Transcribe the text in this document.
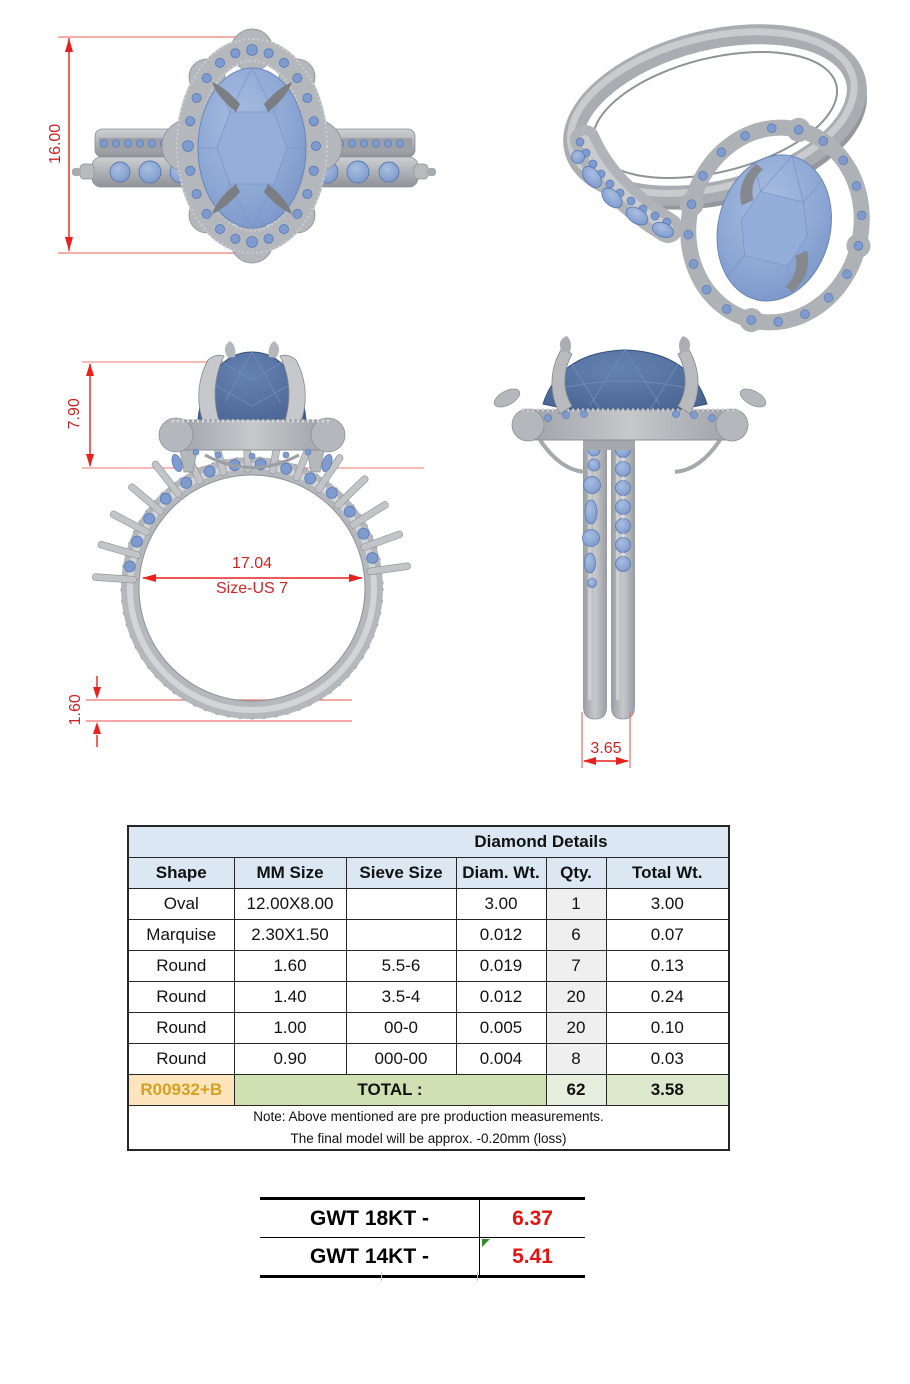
16.00
7.90
17.04
Size-US 7
1.60
3.65
Diamond Details					
Shape	MM Size	Sieve Size	Diam. Wt.	Qty.	Total Wt.
Oval	12.00X8.00		3.00	1	3.00
Marquise	2.30X1.50		0.012	6	0.07
Round	1.60	5.5-6	0.019	7	0.13
Round	1.40	3.5-4	0.012	20	0.24
Round	1.00	00-0	0.005	20	0.10
Round	0.90	000-00	0.004	8	0.03
R00932+B	TOTAL :			62	3.58

Note: Above mentioned are pre production measurements.
The final model will be approx. -0.20mm (loss)					
GWT 18KT -	6.37
GWT 14KT -	5.41
